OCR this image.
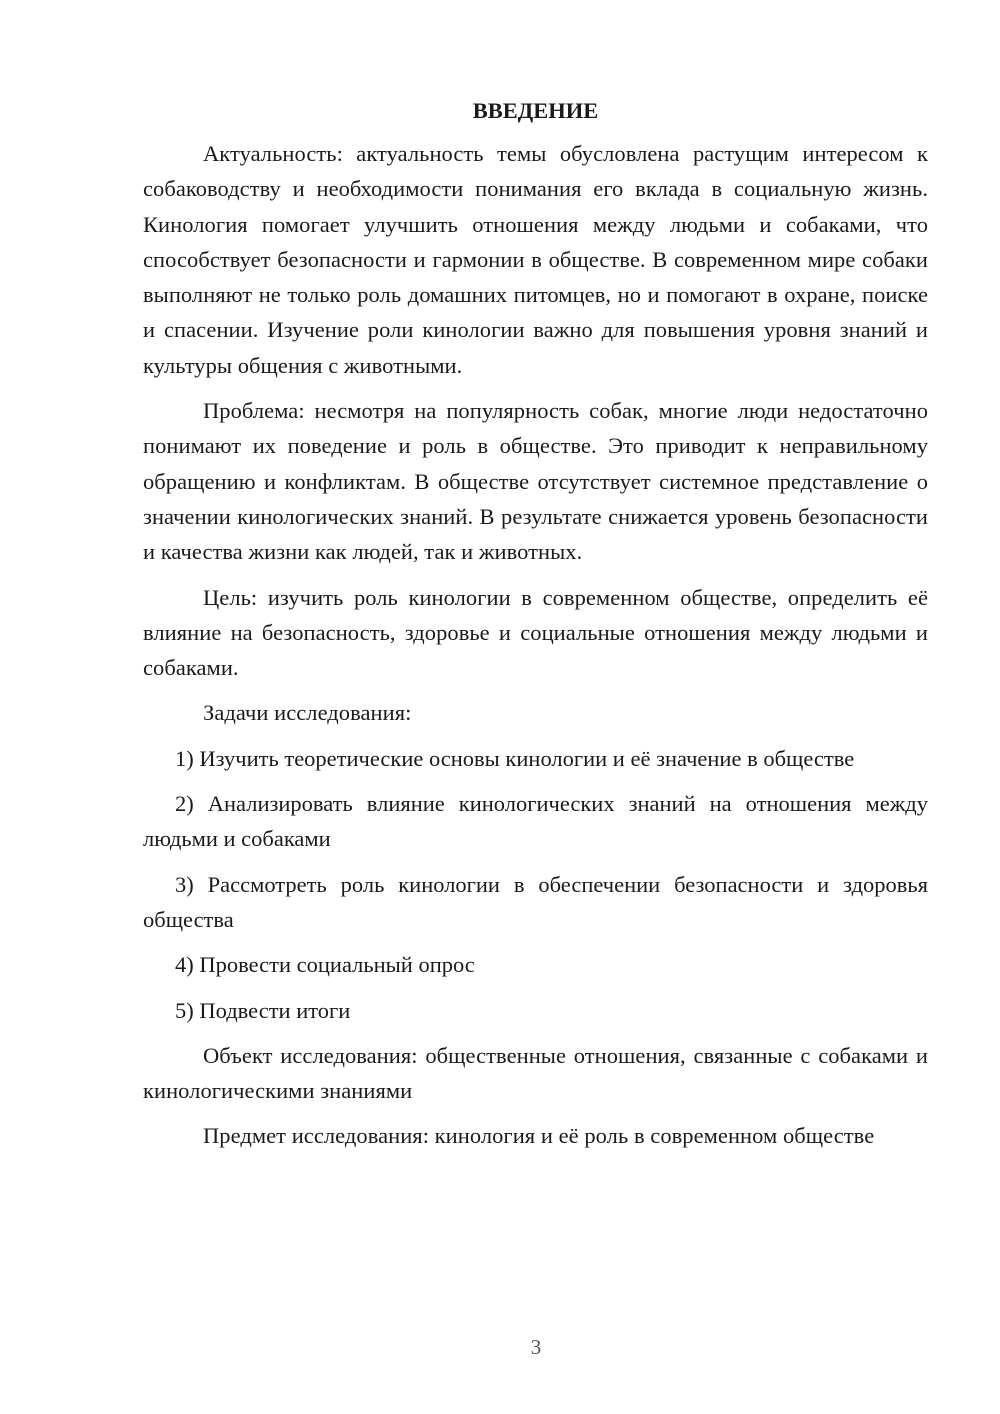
ВВЕДЕНИЕ

Актуальность: актуальность темы обусловлена растущим интересом к собаководству и необходимости понимания его вклада в социальную жизнь. Кинология помогает улучшить отношения между людьми и собаками, что способствует безопасности и гармонии в обществе. В современном мире собаки выполняют не только роль домашних питомцев, но и помогают в охране, поиске и спасении. Изучение роли кинологии важно для повышения уровня знаний и культуры общения с животными.

Проблема: несмотря на популярность собак, многие люди недостаточно понимают их поведение и роль в обществе. Это приводит к неправильному обращению и конфликтам. В обществе отсутствует системное представление о значении кинологических знаний. В результате снижается уровень безопасности и качества жизни как людей, так и животных.

Цель: изучить роль кинологии в современном обществе, определить её влияние на безопасность, здоровье и социальные отношения между людьми и собаками.

Задачи исследования:

1) Изучить теоретические основы кинологии и её значение в обществе

2) Анализировать влияние кинологических знаний на отношения между людьми и собаками

3) Рассмотреть роль кинологии в обеспечении безопасности и здоровья общества

4) Провести социальный опрос

5) Подвести итоги

Объект исследования: общественные отношения, связанные с собаками и кинологическими знаниями

Предмет исследования: кинология и её роль в современном обществе

3
